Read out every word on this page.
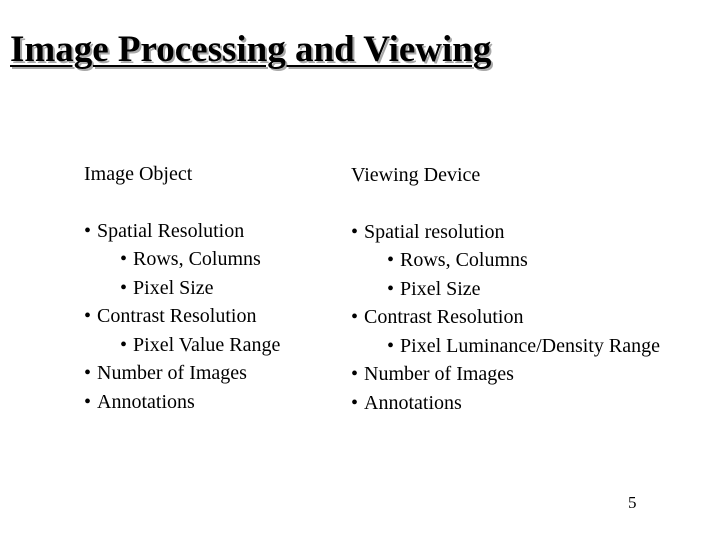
Image Processing and Viewing
Image Object
• Spatial Resolution
• Rows, Columns
• Pixel Size
• Contrast Resolution
• Pixel Value Range
• Number of Images
• Annotations
Viewing Device
• Spatial resolution
• Rows, Columns
• Pixel Size
• Contrast Resolution
• Pixel Luminance/Density Range
• Number of Images
• Annotations
5
